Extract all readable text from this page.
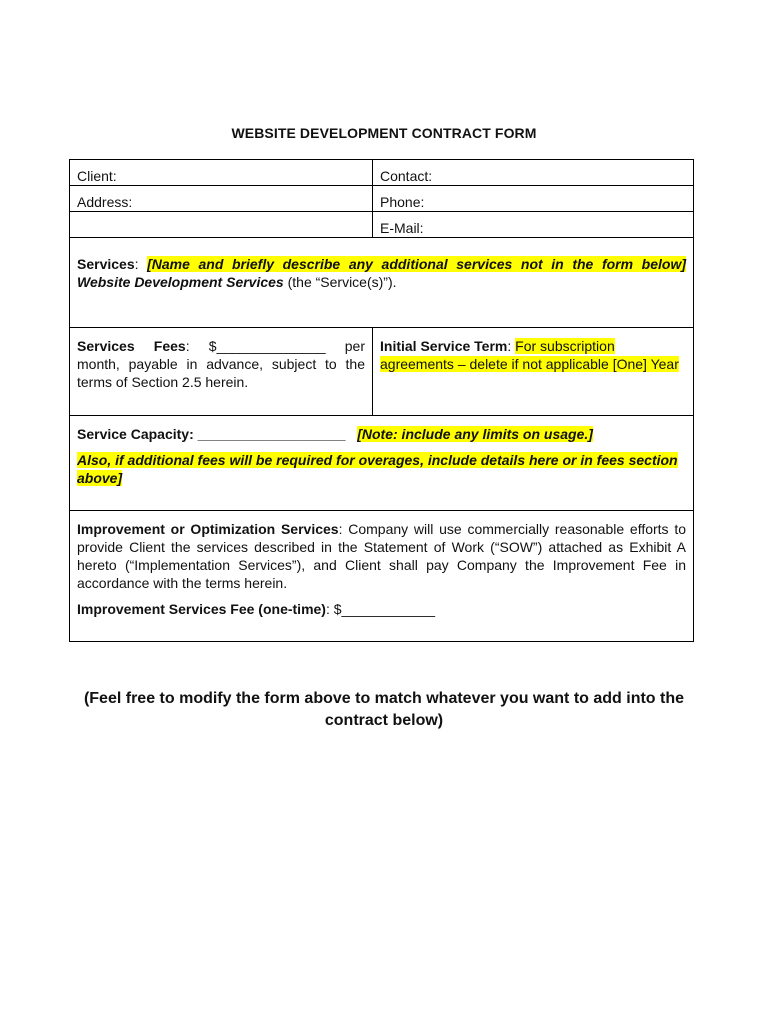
WEBSITE DEVELOPMENT CONTRACT FORM
Client:	Contact:
Address:	Phone:
	E-Mail:
Services: [Name and briefly describe any additional services not in the form below] Website Development Services (the “Service(s)”).	
Services Fees: $______________ per month, payable in advance, subject to the terms of Section 2.5 herein.	Initial Service Term: For subscription agreements – delete if not applicable [One] Year

Service Capacity: ___________________ [Note: include any limits on usage.]
Also, if additional fees will be required for overages, include details here or in fees section above]	

Improvement or Optimization Services: Company will use commercially reasonable efforts to provide Client the services described in the Statement of Work (“SOW”) attached as Exhibit A hereto (“Implementation Services”), and Client shall pay Company the Improvement Fee in accordance with the terms herein.
Improvement Services Fee (one-time): $____________	
(Feel free to modify the form above to match whatever you want to add into the contract below)
